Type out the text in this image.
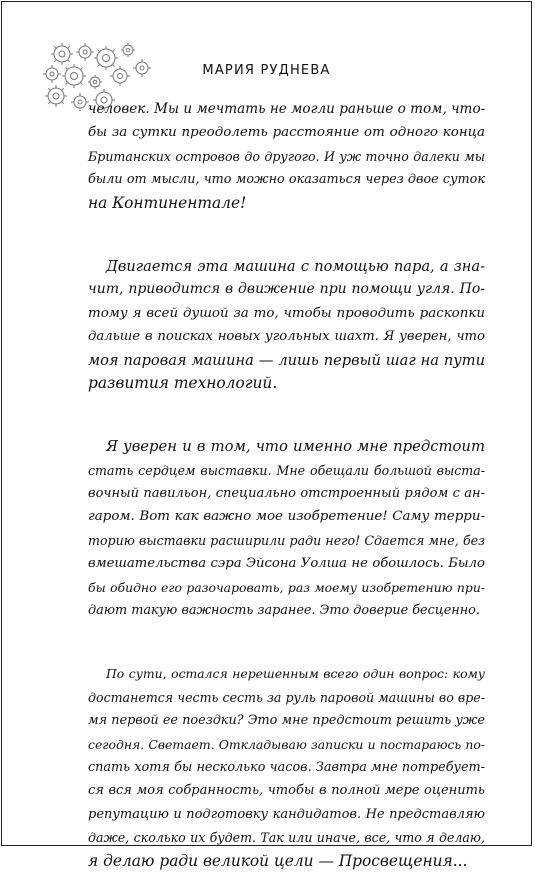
МАРИЯ РУДНЕВА
человек. Мы и мечтать не могли раньше о том, что-
бы за сутки преодолеть расстояние от одного конца
Британских островов до другого. И уж точно далеки мы
были от мысли, что можно оказаться через двое суток
на Континентале!
Двигается эта машина с помощью пара, а зна-
чит, приводится в движение при помощи угля. По-
тому я всей душой за то, чтобы проводить раскопки
дальше в поисках новых угольных шахт. Я уверен, что
моя паровая машина — лишь первый шаг на пути
развития технологий.
Я уверен и в том, что именно мне предстоит
стать сердцем выставки. Мне обещали большой выста-
вочный павильон, специально отстроенный рядом с ан-
гаром. Вот как важно мое изобретение! Саму терри-
торию выставки расширили ради него! Сдается мне, без
вмешательства сэра Эйсона Уолша не обошлось. Было
бы обидно его разочаровать, раз моему изобретению при-
дают такую важность заранее. Это доверие бесценно.
По сути, остался нерешенным всего один вопрос: кому
достанется честь сесть за руль паровой машины во вре-
мя первой ее поездки? Это мне предстоит решить уже
сегодня. Светает. Откладываю записки и постараюсь по-
спать хотя бы несколько часов. Завтра мне потребует-
ся вся моя собранность, чтобы в полной мере оценить
репутацию и подготовку кандидатов. Не представляю
даже, сколько их будет. Так или иначе, все, что я делаю,
я делаю ради великой цели — Просвещения...
